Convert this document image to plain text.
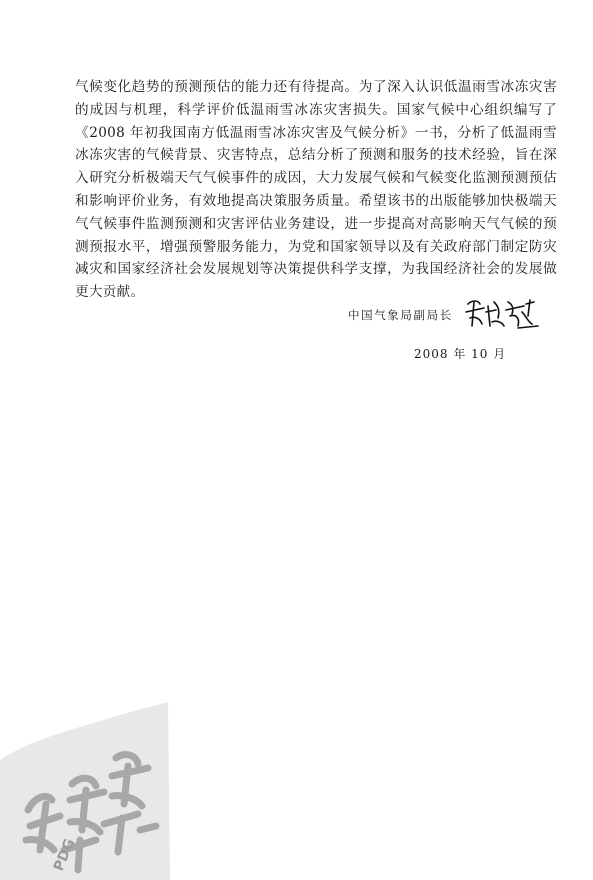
气候变化趋势的预测预估的能力还有待提高。为了深入认识低温雨雪冰冻灾害的成因与机理，科学评价低温雨雪冰冻灾害损失。国家气候中心组织编写了《2008 年初我国南方低温雨雪冰冻灾害及气候分析》一书，分析了低温雨雪冰冻灾害的气候背景、灾害特点，总结分析了预测和服务的技术经验，旨在深入研究分析极端天气气候事件的成因，大力发展气候和气候变化监测预测预估和影响评价业务，有效地提高决策服务质量。希望该书的出版能够加快极端天气气候事件监测预测和灾害评估业务建设，进一步提高对高影响天气气候的预测预报水平，增强预警服务能力，为党和国家领导以及有关政府部门制定防灾减灾和国家经济社会发展规划等决策提供科学支撑，为我国经济社会的发展做更大贡献。

中国气象局副局长
2008 年 10 月
PDG
